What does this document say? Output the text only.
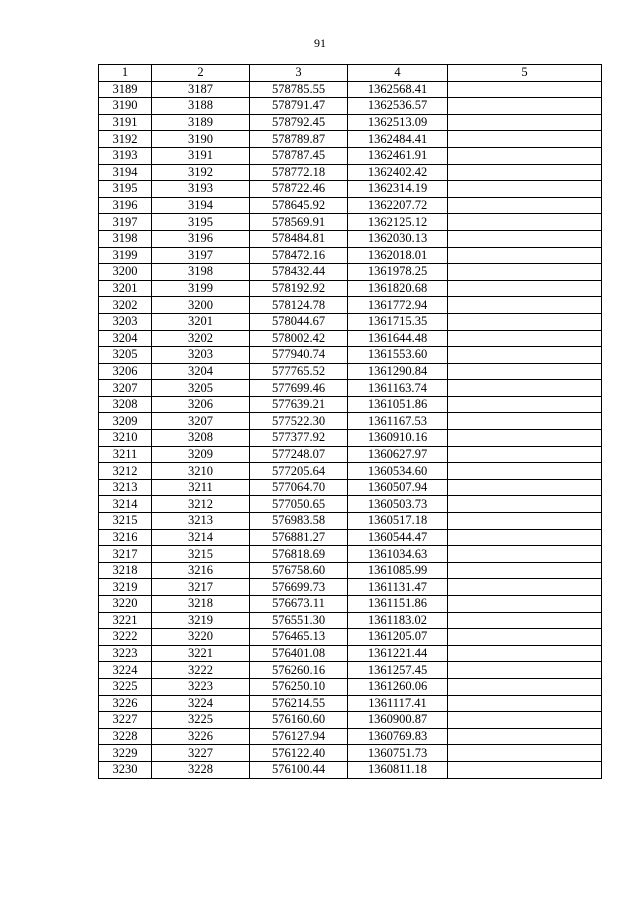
91
1	2	3	4	5
3189	3187	578785.55	1362568.41	
3190	3188	578791.47	1362536.57	
3191	3189	578792.45	1362513.09	
3192	3190	578789.87	1362484.41	
3193	3191	578787.45	1362461.91	
3194	3192	578772.18	1362402.42	
3195	3193	578722.46	1362314.19	
3196	3194	578645.92	1362207.72	
3197	3195	578569.91	1362125.12	
3198	3196	578484.81	1362030.13	
3199	3197	578472.16	1362018.01	
3200	3198	578432.44	1361978.25	
3201	3199	578192.92	1361820.68	
3202	3200	578124.78	1361772.94	
3203	3201	578044.67	1361715.35	
3204	3202	578002.42	1361644.48	
3205	3203	577940.74	1361553.60	
3206	3204	577765.52	1361290.84	
3207	3205	577699.46	1361163.74	
3208	3206	577639.21	1361051.86	
3209	3207	577522.30	1361167.53	
3210	3208	577377.92	1360910.16	
3211	3209	577248.07	1360627.97	
3212	3210	577205.64	1360534.60	
3213	3211	577064.70	1360507.94	
3214	3212	577050.65	1360503.73	
3215	3213	576983.58	1360517.18	
3216	3214	576881.27	1360544.47	
3217	3215	576818.69	1361034.63	
3218	3216	576758.60	1361085.99	
3219	3217	576699.73	1361131.47	
3220	3218	576673.11	1361151.86	
3221	3219	576551.30	1361183.02	
3222	3220	576465.13	1361205.07	
3223	3221	576401.08	1361221.44	
3224	3222	576260.16	1361257.45	
3225	3223	576250.10	1361260.06	
3226	3224	576214.55	1361117.41	
3227	3225	576160.60	1360900.87	
3228	3226	576127.94	1360769.83	
3229	3227	576122.40	1360751.73	
3230	3228	576100.44	1360811.18	
